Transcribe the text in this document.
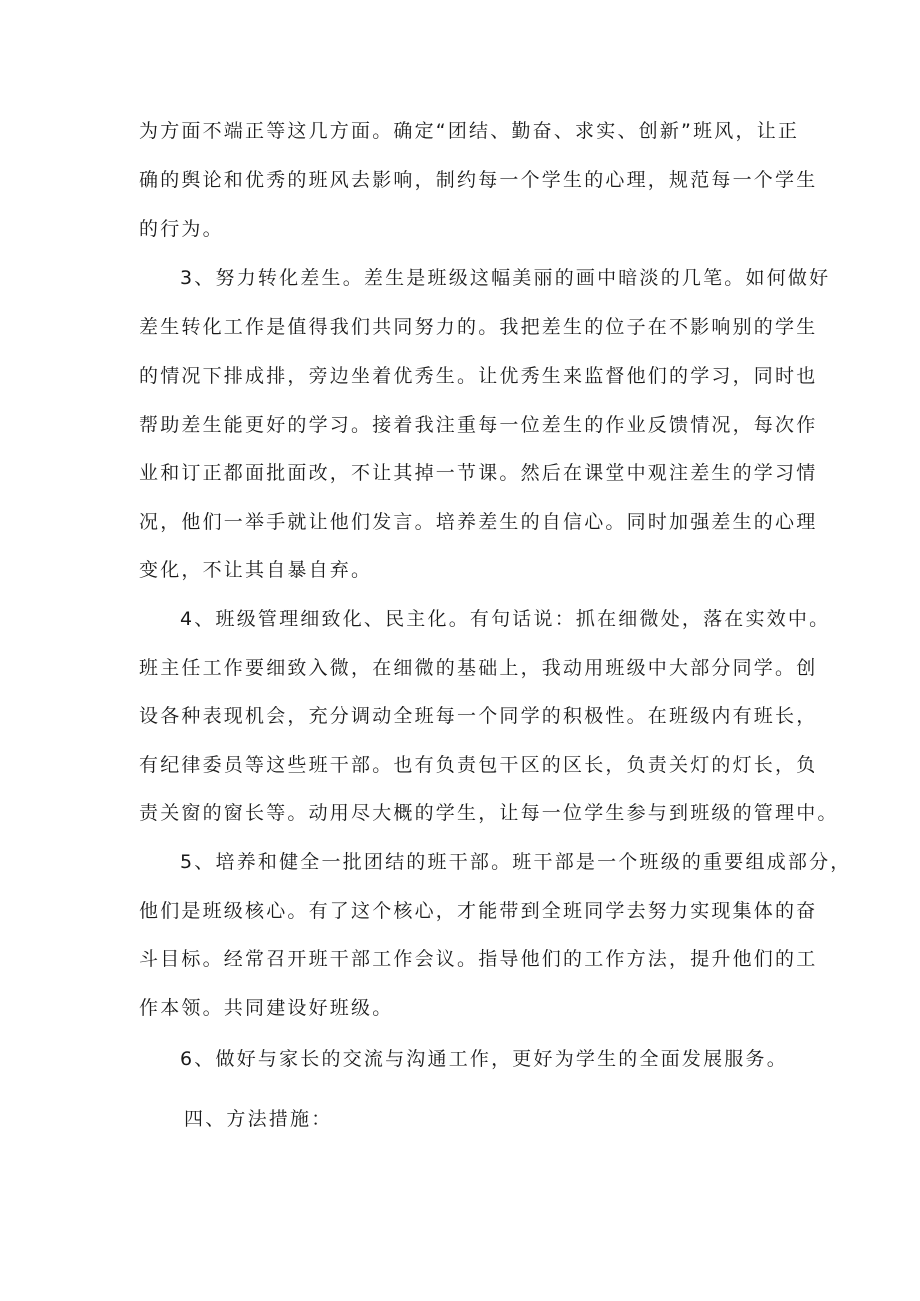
为方面不端正等这几方面。确定“团结、勤奋、求实、创新”班风，让正
确的舆论和优秀的班风去影响，制约每一个学生的心理，规范每一个学生
的行为。
3、努力转化差生。差生是班级这幅美丽的画中暗淡的几笔。如何做好
差生转化工作是值得我们共同努力的。我把差生的位子在不影响别的学生
的情况下排成排，旁边坐着优秀生。让优秀生来监督他们的学习，同时也
帮助差生能更好的学习。接着我注重每一位差生的作业反馈情况，每次作
业和订正都面批面改，不让其掉一节课。然后在课堂中观注差生的学习情
况，他们一举手就让他们发言。培养差生的自信心。同时加强差生的心理
变化，不让其自暴自弃。
4、班级管理细致化、民主化。有句话说：抓在细微处，落在实效中。
班主任工作要细致入微，在细微的基础上，我动用班级中大部分同学。创
设各种表现机会，充分调动全班每一个同学的积极性。在班级内有班长，
有纪律委员等这些班干部。也有负责包干区的区长，负责关灯的灯长，负
责关窗的窗长等。动用尽大概的学生，让每一位学生参与到班级的管理中。
5、培养和健全一批团结的班干部。班干部是一个班级的重要组成部分，
他们是班级核心。有了这个核心，才能带到全班同学去努力实现集体的奋
斗目标。经常召开班干部工作会议。指导他们的工作方法，提升他们的工
作本领。共同建设好班级。
6、做好与家长的交流与沟通工作，更好为学生的全面发展服务。
四、方法措施：
